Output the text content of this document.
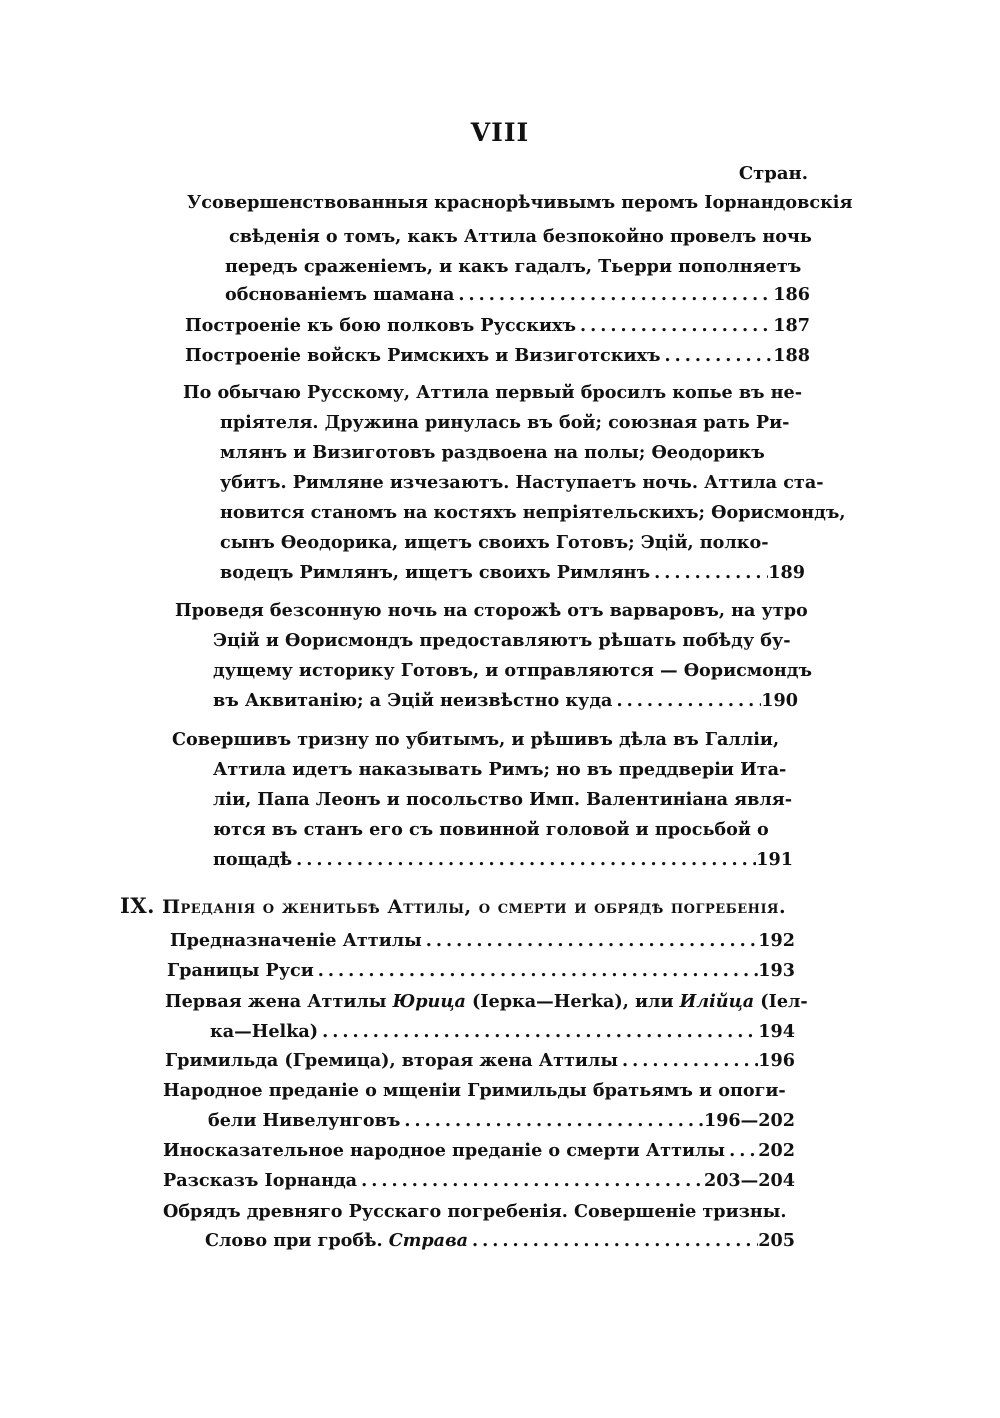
VIII
Стран.
Усовершенствованныя краснорѣчивымъ перомъ Іорнандовскія
свѣденія о томъ, какъ Аттила безпокойно провелъ ночь
передъ сраженіемъ, и какъ гадалъ, Тьерри пополняетъ
обснованіемъ шамана .....	186
Построеніе къ бою полковъ Русскихъ .....	187
Построеніе войскъ Римскихъ и Визиготскихъ .....	188
По обычаю Русскому, Аттила первый бросилъ копье въ не-
пріятеля. Дружина ринулась въ бой; союзная рать Ри-
млянъ и Визиготовъ раздвоена на полы; Ѳеодорикъ
убитъ. Римляне изчезаютъ. Наступаетъ ночь. Аттила ста-
новится станомъ на костяхъ непріятельскихъ; Ѳорисмондъ,
сынъ Ѳеодорика, ищетъ своихъ Готовъ; Эцій, полко-
водецъ Римлянъ, ищетъ своихъ Римлянъ .....	189
Проведя безсонную ночь на сторожѣ отъ варваровъ, на утро
Эцій и Ѳорисмондъ предоставляютъ рѣшать побѣду бу-
дущему историку Готовъ, и отправляются — Ѳорисмондъ
въ Аквитанію; а Эцій неизвѣстно куда .....	190
Совершивъ тризну по убитымъ, и рѣшивъ дѣла въ Галліи,
Аттила идетъ наказывать Римъ; но въ преддверіи Ита-
ліи, Папа Леонъ и посольство Имп. Валентиніана явля-
ются въ станъ его съ повинной головой и просьбой о
пощадѣ .....	191
IX. Преданія о женитьбѣ Аттилы, о смерти и обрядѣ погребенія.
Предназначеніе Аттилы .....	192
Границы Руси .....	193
Первая жена Аттилы Юрица (Іерка—Herka), или Илійца (Іел-
ка—Helka) .....	194
Гримильда (Гремица), вторая жена Аттилы .....	196
Народное преданіе о мщеніи Гримильды братьямъ и опоги-
бели Нивелунговъ .....	196—202
Иносказательное народное преданіе о смерти Аттилы ..... 202
Разсказъ Іорнанда .....	203—204
Обрядъ древняго Русскаго погребенія. Совершеніе тризны.
Слово при гробѣ. Страва .....	205
